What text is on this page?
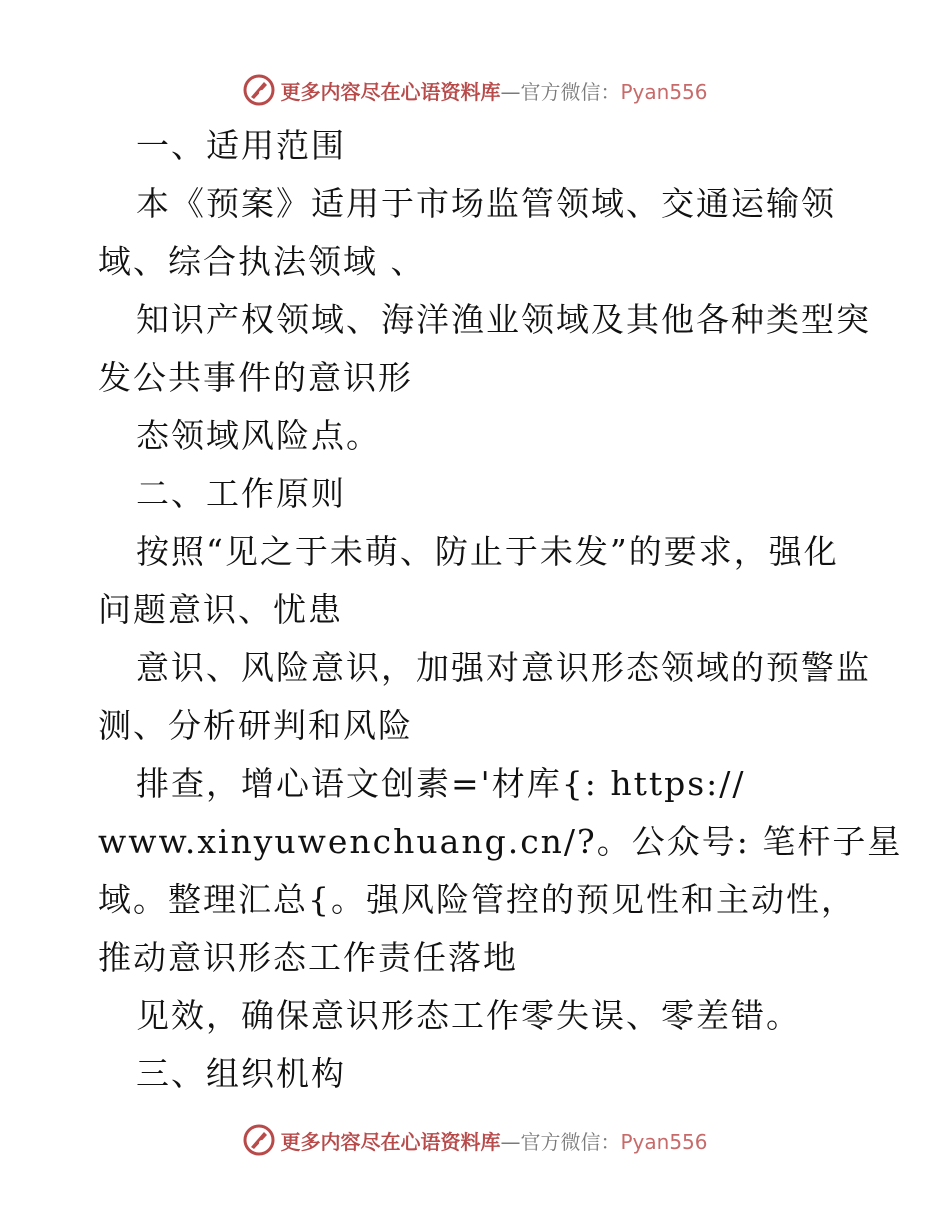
更多内容尽在心语资料库—官方微信：Pyan556
一、适用范围
本《预案》适用于市场监管领域、交通运输领
域、综合执法领域 、
知识产权领域、海洋渔业领域及其他各种类型突
发公共事件的意识形
态领域风险点。
二、工作原则
按照“见之于未萌、防止于未发”的要求，强化
问题意识、忧患
意识、风险意识，加强对意识形态领域的预警监
测、分析研判和风险
排查，增心语文创素='材库{: https://
www.xinyuwenchuang.cn/?。公众号: 笔杆子星
域。整理汇总{。强风险管控的预见性和主动性，
推动意识形态工作责任落地
见效，确保意识形态工作零失误、零差错。
三、组织机构
更多内容尽在心语资料库—官方微信：Pyan556
